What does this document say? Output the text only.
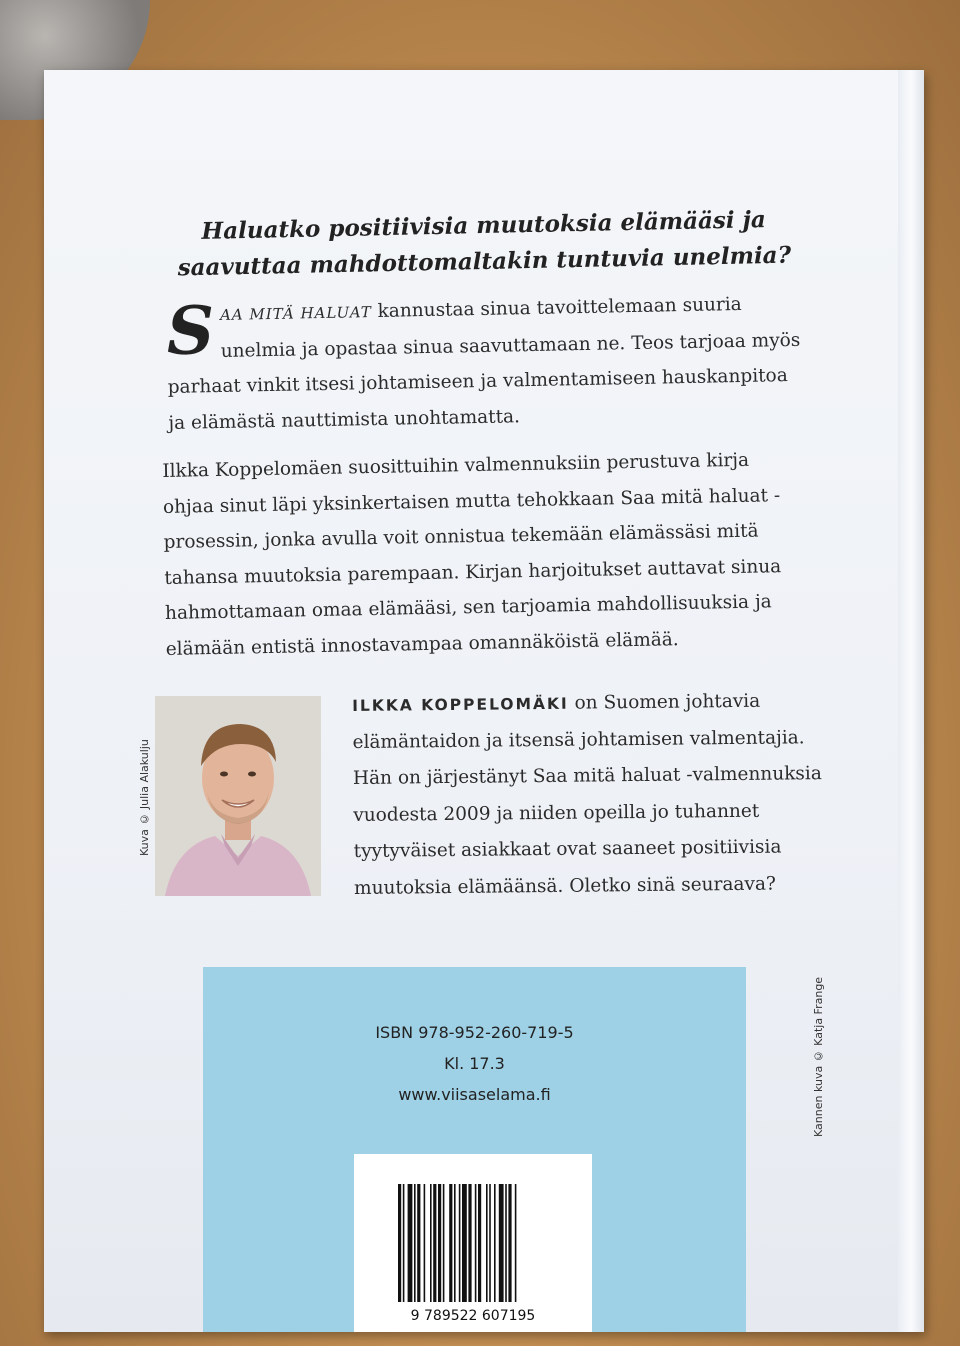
Haluatko positiivisia muutoksia elämääsi ja
saavuttaa mahdottomaltakin tuntuvia unelmia?
SAA MITÄ HALUAT kannustaa sinua tavoittelemaan suuria unelmia ja opastaa sinua saavuttamaan ne. Teos tarjoaa myös parhaat vinkit itsesi johtamiseen ja valmentamiseen hauskanpitoa ja elämästä nauttimista unohtamatta.
Ilkka Koppelomäen suosittuihin valmennuksiin perustuva kirja ohjaa sinut läpi yksinkertaisen mutta tehokkaan Saa mitä haluat -prosessin, jonka avulla voit onnistua tekemään elämässäsi mitä tahansa muutoksia parempaan. Kirjan harjoitukset auttavat sinua hahmottamaan omaa elämääsi, sen tarjoamia mahdollisuuksia ja elämään entistä innostavampaa omannäköistä elämää.
Kuva © Julia Alakulju
ILKKA KOPPELOMÄKI on Suomen johtavia elämäntaidon ja itsensä johtamisen valmentajia. Hän on järjestänyt Saa mitä haluat -valmennuksia vuodesta 2009 ja niiden opeilla jo tuhannet tyytyväiset asiakkaat ovat saaneet positiivisia muutoksia elämäänsä. Oletko sinä seuraava?
ISBN 978-952-260-719-5
Kl. 17.3
www.viisaselama.fi
9 789522 607195
Kannen kuva © Katja Frange
